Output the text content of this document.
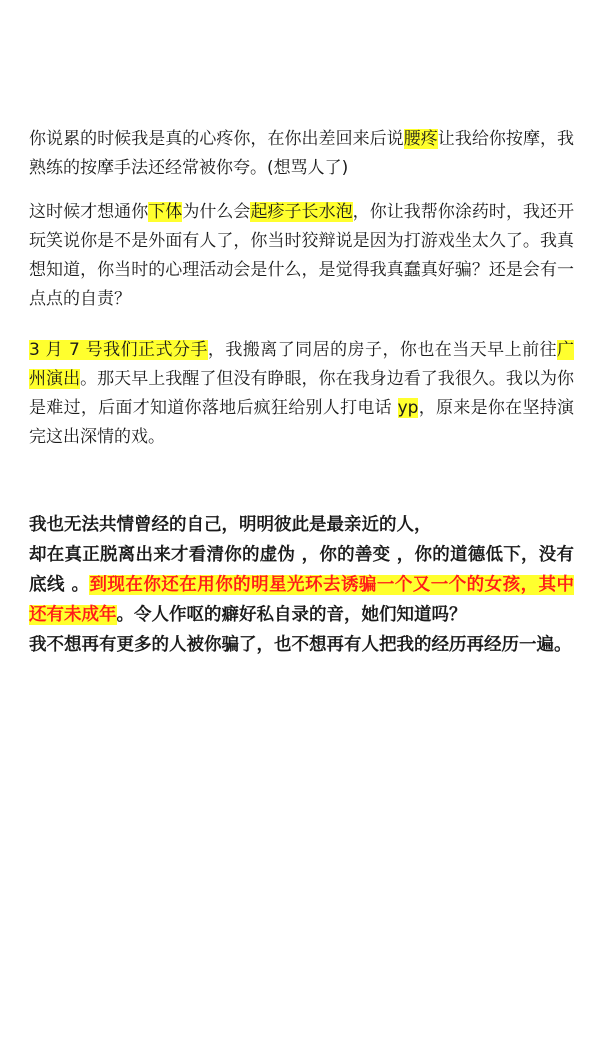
你说累的时候我是真的心疼你，在你出差回来后说腰疼让我给你按摩，我熟练的按摩手法还经常被你夸。(想骂人了)

这时候才想通你下体为什么会起疹子长水泡，你让我帮你涂药时，我还开玩笑说你是不是外面有人了，你当时狡辩说是因为打游戏坐太久了。我真想知道，你当时的心理活动会是什么，是觉得我真蠢真好骗？还是会有一点点的自责？

3 月 7 号我们正式分手，我搬离了同居的房子，你也在当天早上前往广州演出。那天早上我醒了但没有睁眼，你在我身边看了我很久。我以为你是难过，后面才知道你落地后疯狂给别人打电话 yp，原来是你在坚持演完这出深情的戏。

我也无法共情曾经的自己，明明彼此是最亲近的人，
却在真正脱离出来才看清你的虚伪 ，你的善变 ，你的道德低下，没有底线 。到现在你还在用你的明星光环去诱骗一个又一个的女孩，其中还有未成年。令人作呕的癖好私自录的音，她们知道吗？
我不想再有更多的人被你骗了，也不想再有人把我的经历再经历一遍。
